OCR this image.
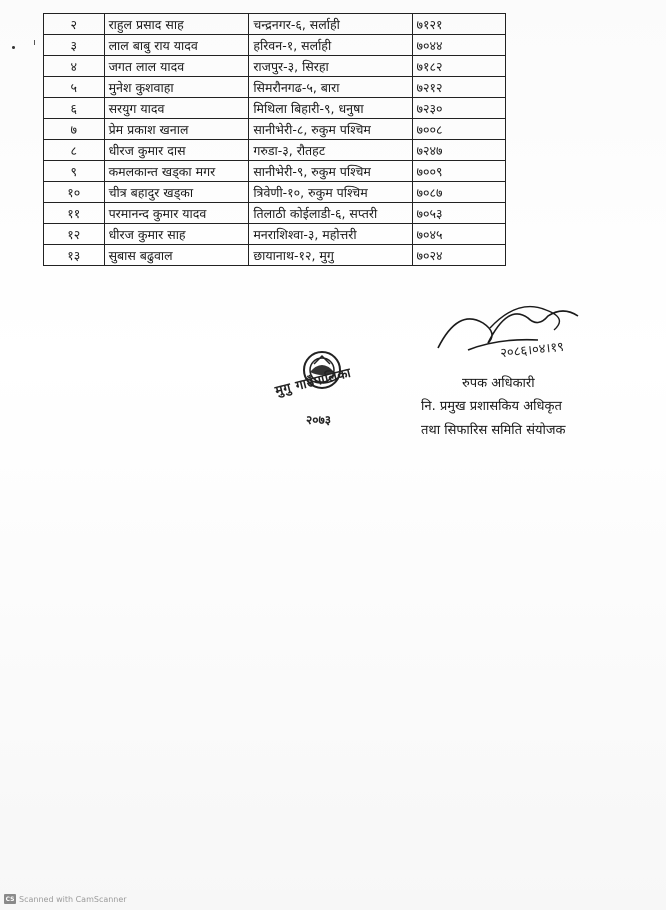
२	राहुल प्रसाद साह	चन्द्रनगर-६, सर्लाही	७१२१
३	लाल बाबु राय यादव	हरिवन-१, सर्लाही	७०४४
४	जगत लाल यादव	राजपुर-३, सिरहा	७१८२
५	मुनेश कुशवाहा	सिमरौनगढ-५, बारा	७२१२
६	सरयुग यादव	मिथिला बिहारी-९, धनुषा	७२३०
७	प्रेम प्रकाश खनाल	सानीभेरी-८, रुकुम पश्चिम	७००८
८	धीरज कुमार दास	गरुडा-३, रौतहट	७२४७
९	कमलकान्त खड्का मगर	सानीभेरी-९, रुकुम पश्चिम	७००९
१०	चीत्र बहादुर खड्का	त्रिवेणी-१०, रुकुम पश्चिम	७०८७
११	परमानन्द कुमार यादव	तिलाठी कोईलाडी-६, सप्तरी	७०५३
१२	धीरज कुमार साह	मनराशिश्वा-३, महोत्तरी	७०४५
१३	सुबास बढुवाल	छायानाथ-१२, मुगु	७०२४
मुगु गाउँपालिका
२०७३
२०८६।०४।१९
रुपक अधिकारी
नि. प्रमुख प्रशासकिय अधिकृत
तथा सिफारिस समिति संयोजक
CS Scanned with CamScanner
